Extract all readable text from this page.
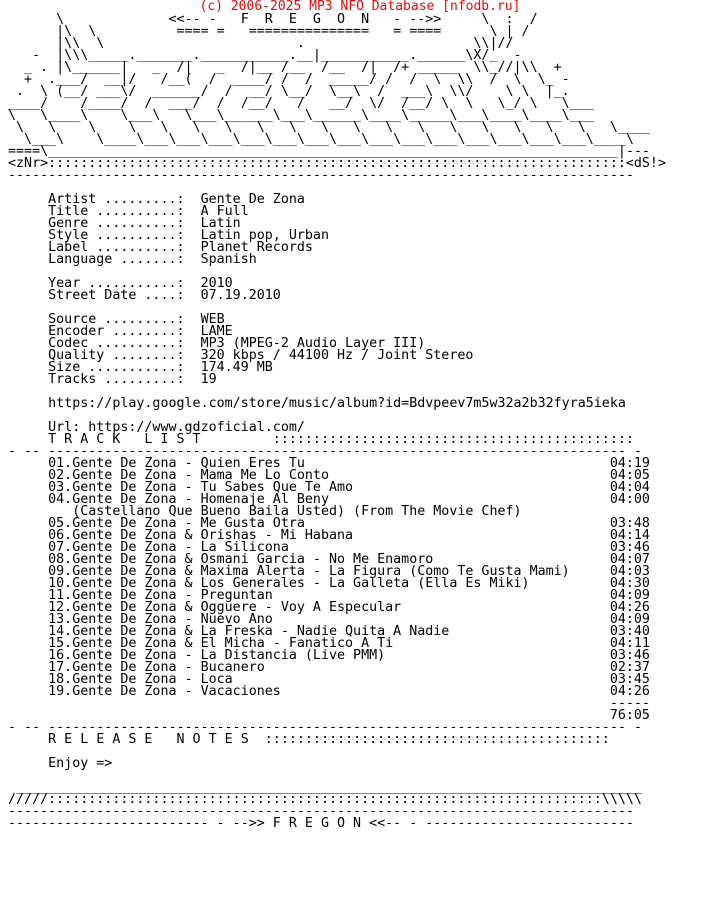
(c) 2006-2025 MP3 NFO Database [nfodb.ru]
\             <<-- -   F  R  E  G  O  N   - -->>     \  :  /
|\  \          ==== =   ===============   = ====      \ | /
|\\  \                        .                     \\|//
-  |\\\_____._______.___________.__|___________.______\X/_  -
_ . |\______|   _  /|   _  /|__ /__  /__  /|  /+ _____  \\_//|\\  +
+  .___/  __|/   /__(  /  ____/ /  /  _____/ /  /  \  \\  /  \  \_ -
.  \ (__/ ___\/  ______/  /  __/ \__/  \__\  /  ___\  \\/    \ \  |_.
____/    /____/  /  ___/  /  /__/   /   __/  \/  /__/ \  \   \_/ \   \___
\   \____\    \___\   \___\______\___\______\____\_____\___\____\____\___
\   \    \    \   \   \   \   \   \   \   \   \   \   \   \   \   \   \   \____
\___\    \____\___\___\___\___\___\___\___\___\___\___\___\___\___\___\____\
====\_______________________________________________________________________|---
<zNr>::::::::::::::::::::::::::::::::::::::::::::::::::::::::::::::::::::::::<dS!>
------------------------------------------------------------------------------

Artist .........:  Gente De Zona
Title ..........:  A Full
Genre ..........:  Latin
Style ..........:  Latin pop, Urban
Label ..........:  Planet Records
Language .......:  Spanish

Year ...........:  2010
Street Date ....:  07.19.2010

Source .........:  WEB
Encoder ........:  LAME
Codec ..........:  MP3 (MPEG-2 Audio Layer III)
Quality ........:  320 kbps / 44100 Hz / Joint Stereo
Size ...........:  174.49 MB
Tracks .........:  19

https://play.google.com/store/music/album?id=Bdvpeev7m5w32a2b32fyra5ieka

Url: https://www.gdzoficial.com/

T R A C K   L I S T         :::::::::::::::::::::::::::::::::::::::::::::
- -- ------------------------------------------------------------------------ -
01.Gente De Zona - Quien Eres Tu                                      04:19
02.Gente De Zona - Mama Me Lo Conto                                   04:05
03.Gente De Zona - Tu Sabes Que Te Amo                                04:04
04.Gente De Zona - Homenaje Al Beny                                   04:00
(Castellano Que Bueno Baila Usted) (From The Movie Chef)
05.Gente De Zona - Me Gusta Otra                                      03:48
06.Gente De Zona & Orishas - Mi Habana                                04:14
07.Gente De Zona - La Silicona                                        03:46
08.Gente De Zona & Osmani Garcia - No Me Enamoro                      04:07
09.Gente De Zona & Maxima Alerta - La Figura (Como Te Gusta Mami)     04:03
10.Gente De Zona & Los Generales - La Galleta (Ella Es Miki)          04:30
11.Gente De Zona - Preguntan                                          04:09
12.Gente De Zona & Ogguere - Voy A Especular                          04:26
13.Gente De Zona - Nuevo Ano                                          04:09
14.Gente De Zona & La Freska - Nadie Quita A Nadie                    03:40
15.Gente De Zona & El Micha - Fanatico A Ti                           04:11
16.Gente De Zona - La Distancia (Live PMM)                            03:46
17.Gente De Zona - Bucanero                                           02:37
18.Gente De Zona - Loca                                               03:45
19.Gente De Zona - Vacaciones                                         04:26
-----
76:05
- -- ------------------------------------------------------------------------ -
R E L E A S E   N O T E S  :::::::::::::::::::::::::::::::::::::::::::

Enjoy =>

______________________________________________________________________________
/////:::::::::::::::::::::::::::::::::::::::::::::::::::::::::::::::::::::\\\\\
------------------------------------------------------------------------------
------------------------- - -->> F R E G O N <<-- - --------------------------
